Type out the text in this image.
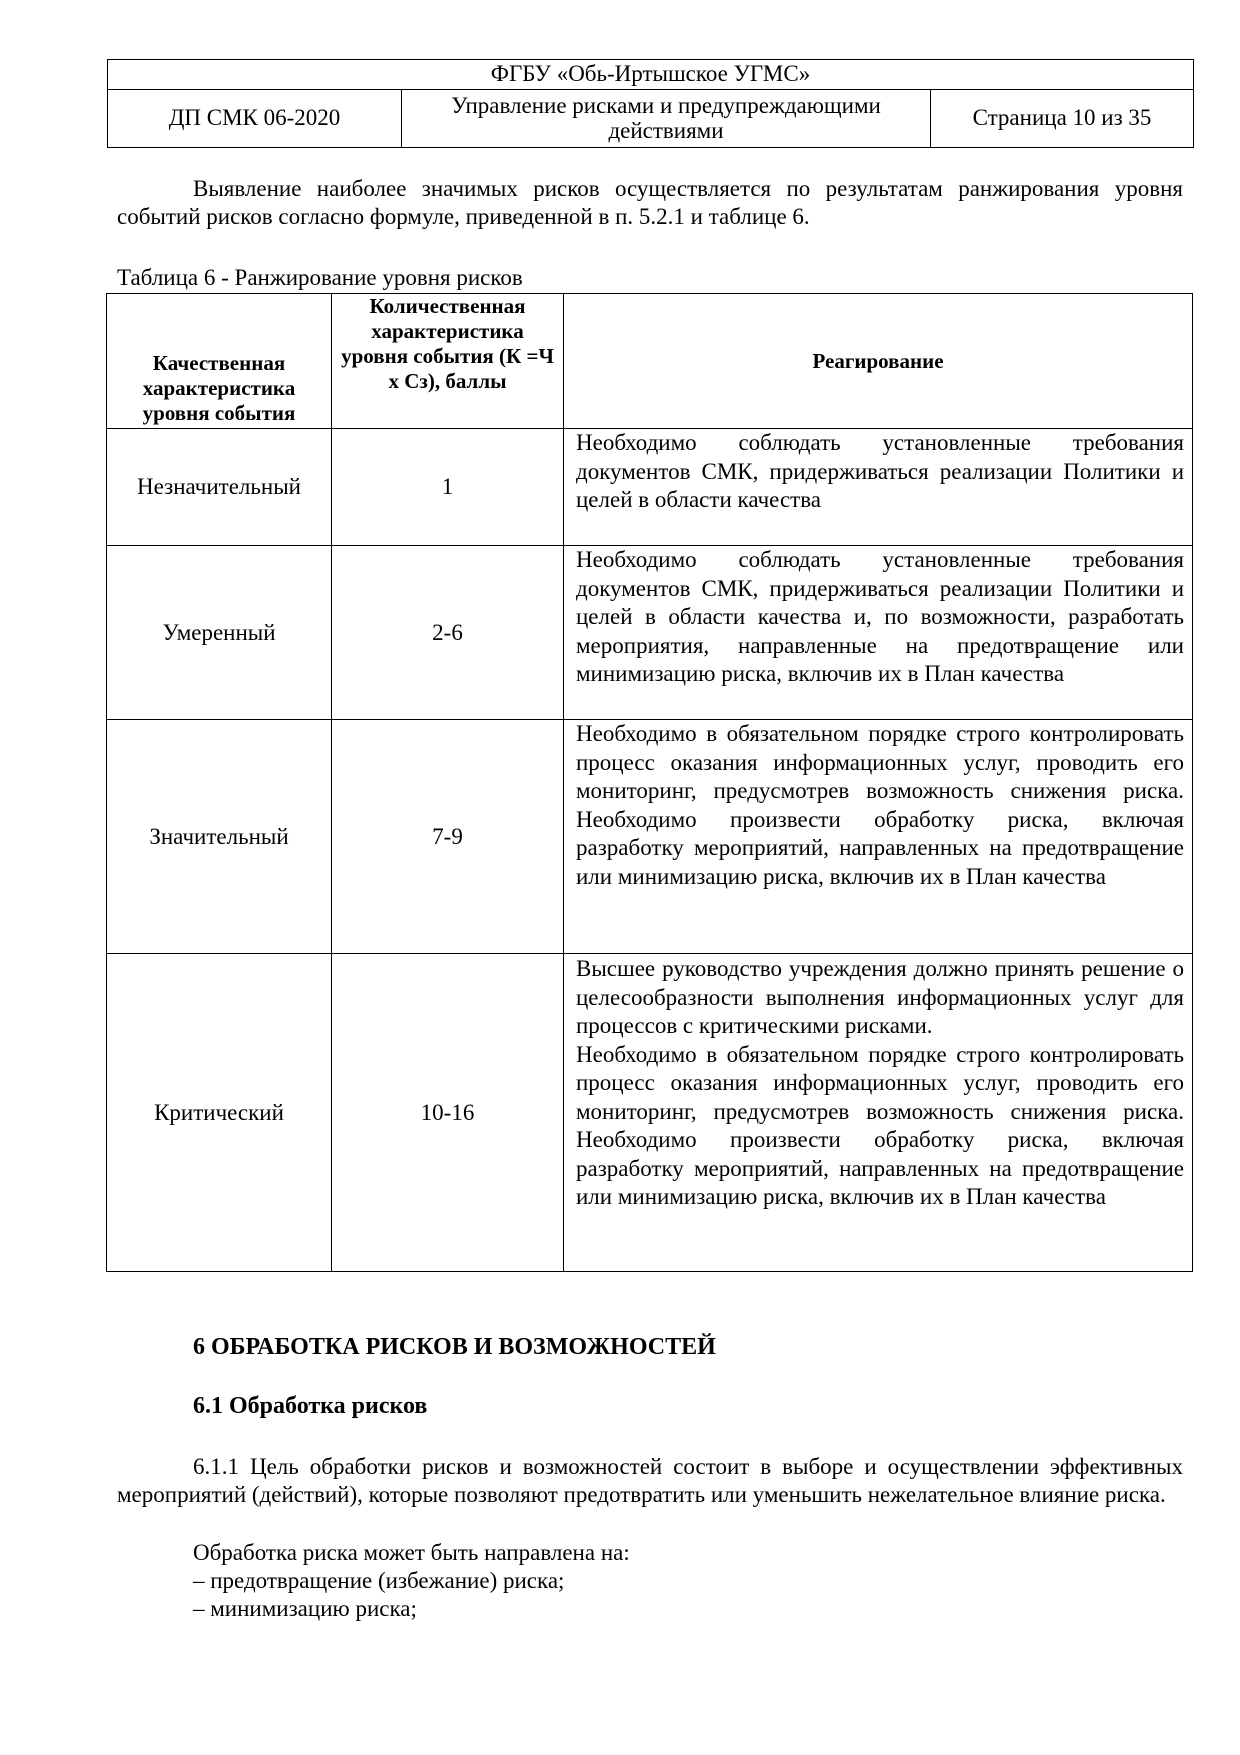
ФГБУ «Обь-Иртышское УГМС»
ДП СМК 06-2020	Управление рисками и предупреждающими действиями	Страница 10 из 35

Выявление наиболее значимых рисков осуществляется по результатам ранжирования уровня событий рисков согласно формуле, приведенной в п. 5.2.1 и таблице 6.

Таблица 6 - Ранжирование уровня рисков

Качественная характеристика уровня события	Количественная характеристика уровня события (К =Ч х Сз), баллы	Реагирование
Незначительный	1	Необходимо соблюдать установленные требования документов СМК, придерживаться реализации Политики и целей в области качества

Умеренный	2-6	Необходимо соблюдать установленные требования документов СМК, придерживаться реализации Политики и целей в области качества и, по возможности, разработать мероприятия, направленные на предотвращение или минимизацию риска, включив их в План качества

Значительный	7-9	Необходимо в обязательном порядке строго контролировать процесс оказания информационных услуг, проводить его мониторинг, предусмотрев возможность снижения риска. Необходимо произвести обработку риска, включая разработку мероприятий, направленных на предотвращение или минимизацию риска, включив их в План качества

Критический	10-16	Высшее руководство учреждения должно принять решение о целесообразности выполнения информационных услуг для процессов с критическими рисками.
Необходимо в обязательном порядке строго контролировать процесс оказания информационных услуг, проводить его мониторинг, предусмотрев возможность снижения риска. Необходимо произвести обработку риска, включая разработку мероприятий, направленных на предотвращение или минимизацию риска, включив их в План качества

6 ОБРАБОТКА РИСКОВ И ВОЗМОЖНОСТЕЙ

6.1 Обработка рисков

6.1.1 Цель обработки рисков и возможностей состоит в выборе и осуществлении эффективных мероприятий (действий), которые позволяют предотвратить или уменьшить нежелательное влияние риска.

Обработка риска может быть направлена на:

– предотвращение (избежание) риска;

– минимизацию риска;
